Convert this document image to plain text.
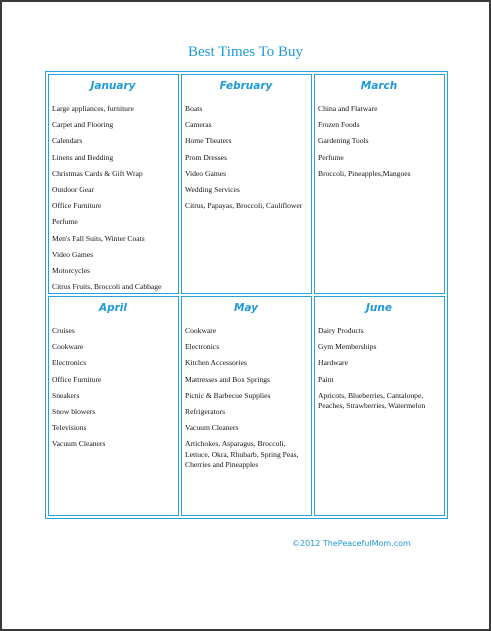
Best Times To Buy
January
Large appliances, furniture
Carpet and Flooring
Calendars
Linens and Bedding
Christmas Cards & Gift Wrap
Outdoor Gear
Office Furniture
Perfume
Men's Fall Suits, Winter Coats
Video Games
Motorcycles
Citrus Fruits, Broccoli and Cabbage
February
Boats
Cameras
Home Theaters
Prom Dresses
Video Games
Wedding Services
Citrus, Papayas, Broccoli, Cauliflower
March
China and Flatware
Frozen Foods
Gardening Tools
Perfume
Broccoli, Pineapples,Mangoes
April
Cruises
Cookware
Electronics
Office Furniture
Sneakers
Snow blowers
Televisions
Vacuum Cleaners
May
Cookware
Electronics
Kitchen Accessories
Mattresses and Box Springs
Picnic & Barbecue Supplies
Refrigerators
Vacuum Cleaners
Artichokes, Asparagus, Broccoli, Lettuce, Okra, Rhubarb, Spring Peas, Cherries and Pineapples
June
Dairy Products
Gym Memberships
Hardware
Paint
Apricots, Blueberries, Cantaloupe, Peaches, Strawberries, Watermelon
©2012 ThePeacefulMom.com
